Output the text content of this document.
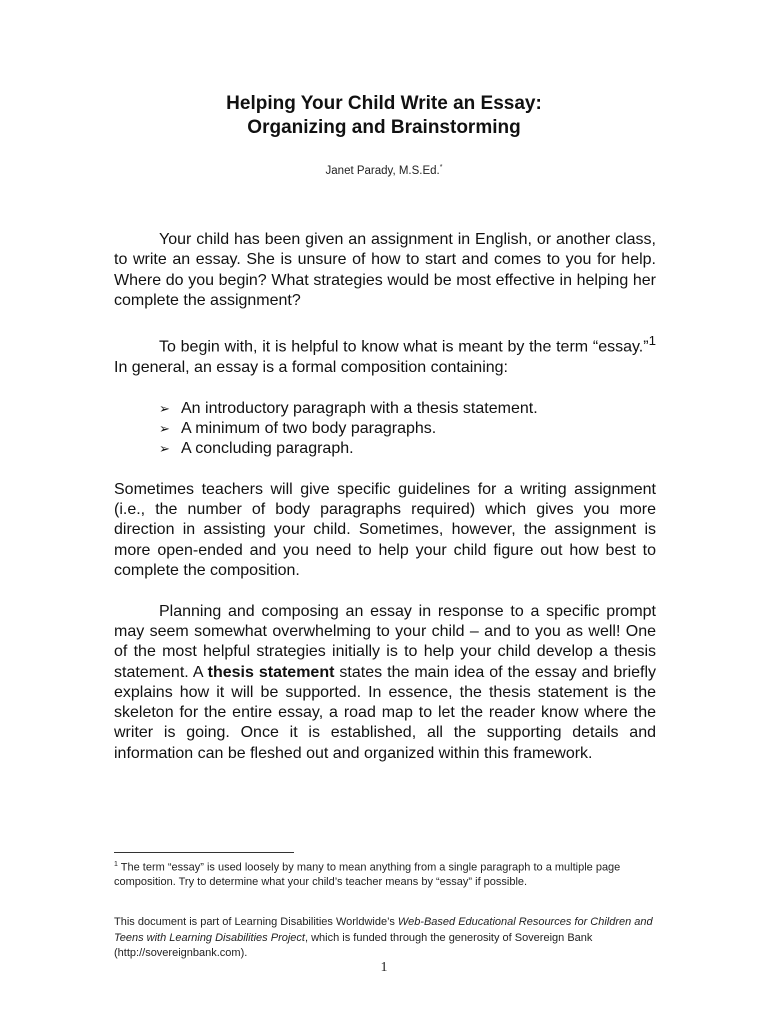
Helping Your Child Write an Essay:
Organizing and Brainstorming
Janet Parady, M.S.Ed.*

Your child has been given an assignment in English, or another class, to write an essay. She is unsure of how to start and comes to you for help. Where do you begin? What strategies would be most effective in helping her complete the assignment?

To begin with, it is helpful to know what is meant by the term “essay.”$^1$ In general, an essay is a formal composition containing:

➢ An introductory paragraph with a thesis statement.
➢ A minimum of two body paragraphs.
➢ A concluding paragraph.

Sometimes teachers will give specific guidelines for a writing assignment (i.e., the number of body paragraphs required) which gives you more direction in assisting your child. Sometimes, however, the assignment is more open-ended and you need to help your child figure out how best to complete the composition.

Planning and composing an essay in response to a specific prompt may seem somewhat overwhelming to your child – and to you as well! One of the most helpful strategies initially is to help your child develop a thesis statement. A thesis statement states the main idea of the essay and briefly explains how it will be supported. In essence, the thesis statement is the skeleton for the entire essay, a road map to let the reader know where the writer is going. Once it is established, all the supporting details and information can be fleshed out and organized within this framework.

$^1$ The term “essay” is used loosely by many to mean anything from a single paragraph to a multiple page composition. Try to determine what your child’s teacher means by “essay” if possible.
This document is part of Learning Disabilities Worldwide’s Web-Based Educational Resources for Children and Teens with Learning Disabilities Project, which is funded through the generosity of Sovereign Bank (http://sovereignbank.com).
1
